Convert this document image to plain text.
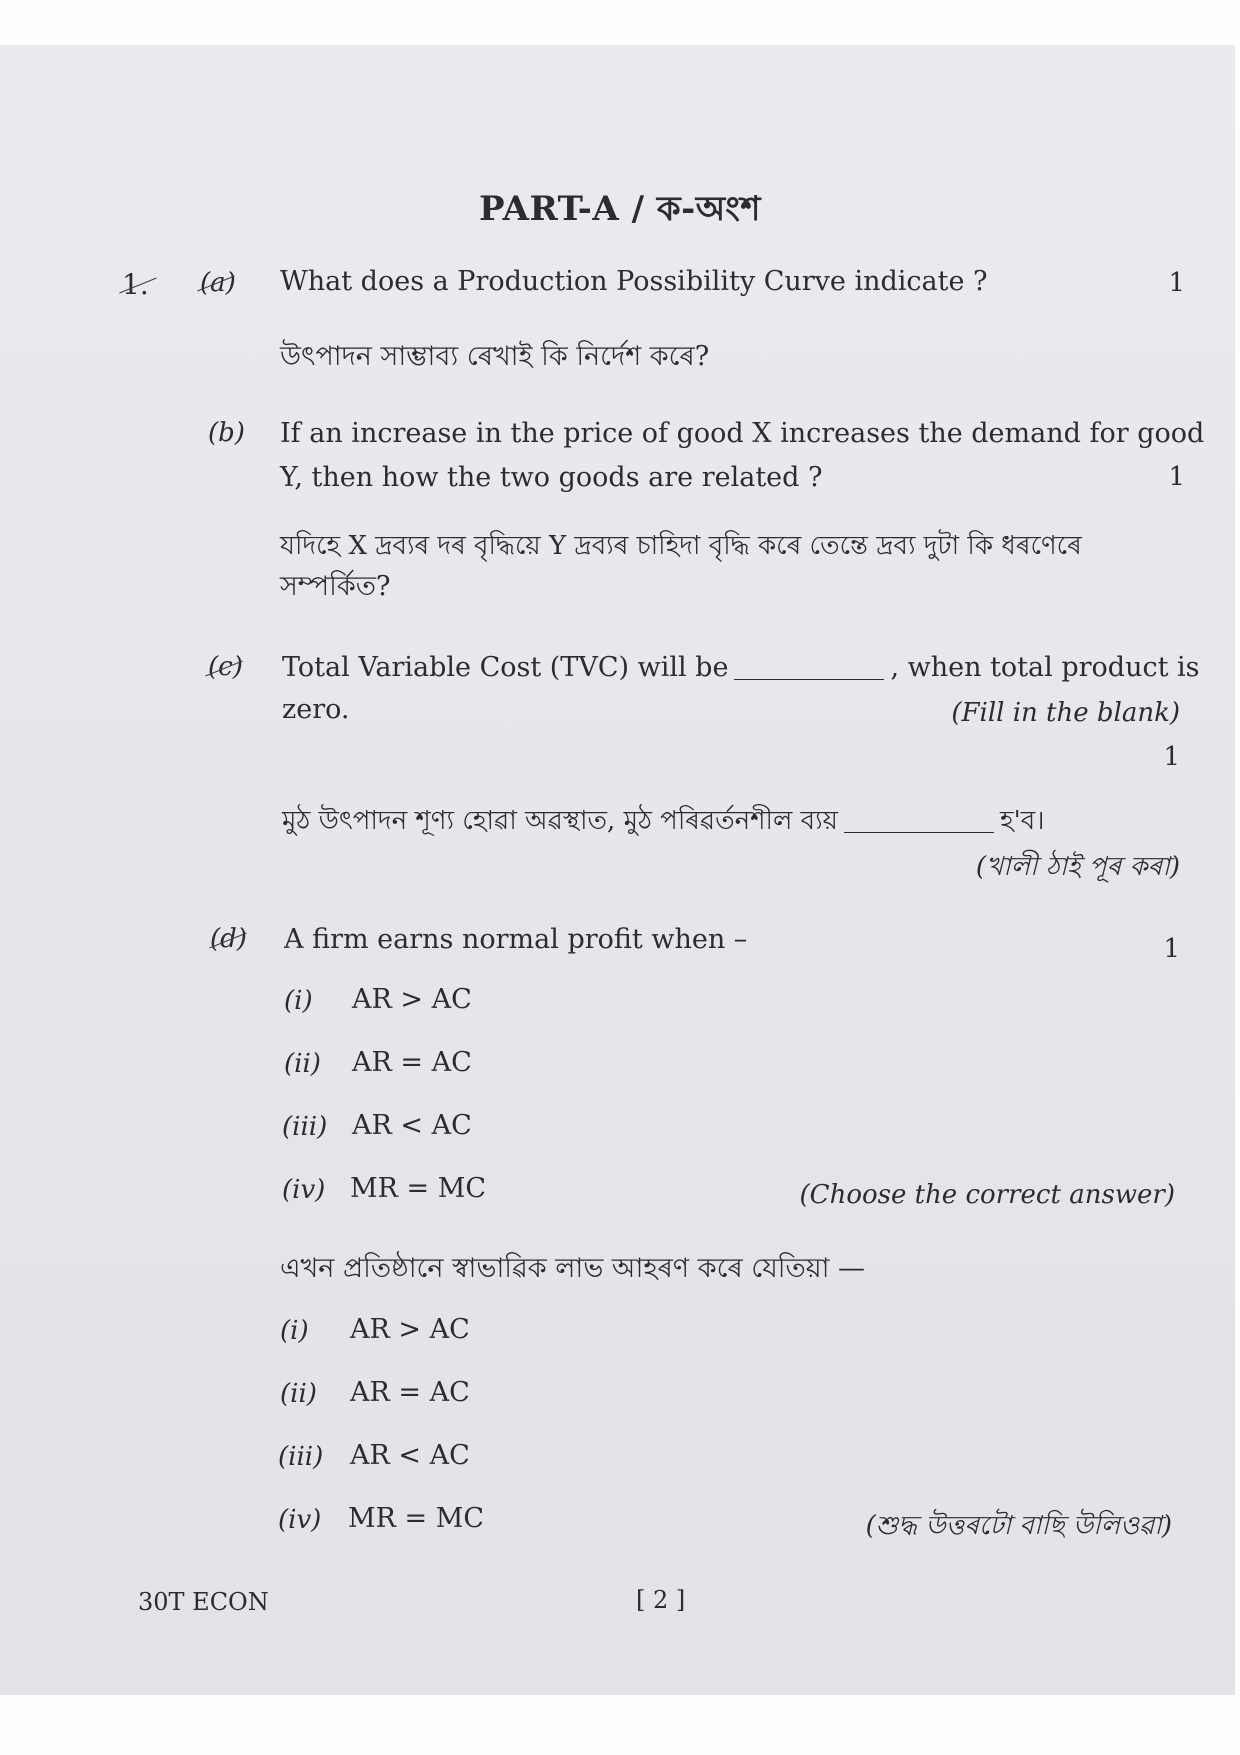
PART-A / ক-অংশ
1. (a) What does a Production Possibility Curve indicate ?	1
উৎপাদন সাম্ভাব্য ৰেখাই কি নিৰ্দেশ কৰে?
(b) If an increase in the price of good X increases the demand for good
Y, then how the two goods are related ?	1
যদিহে X দ্ৰব্যৰ দৰ বৃদ্ধিয়ে Y দ্ৰব্যৰ চাহিদা বৃদ্ধি কৰে তেন্তে দ্ৰব্য দুটা কি ধৰণেৰে
সম্পৰ্কিত?
(c) Total Variable Cost (TVC) will be	, when total product is
zero.	(Fill in the blank)
1
মুঠ উৎপাদন শূণ্য হোৱা অৱস্থাত, মুঠ পৰিৱৰ্তনশীল ব্যয়	হ'ব।
(খালী ঠাই পূৰ কৰা)
(d) A firm earns normal profit when –	1
(i) AR > AC
(ii) AR = AC
(iii) AR < AC
(iv) MR = MC	(Choose the correct answer)
এখন প্ৰতিষ্ঠানে স্বাভাৱিক লাভ আহৰণ কৰে যেতিয়া —
(i) AR > AC
(ii) AR = AC
(iii) AR < AC
(iv) MR = MC	(শুদ্ধ উত্তৰটো বাছি উলিওৱা)
30T ECON	[ 2 ]
